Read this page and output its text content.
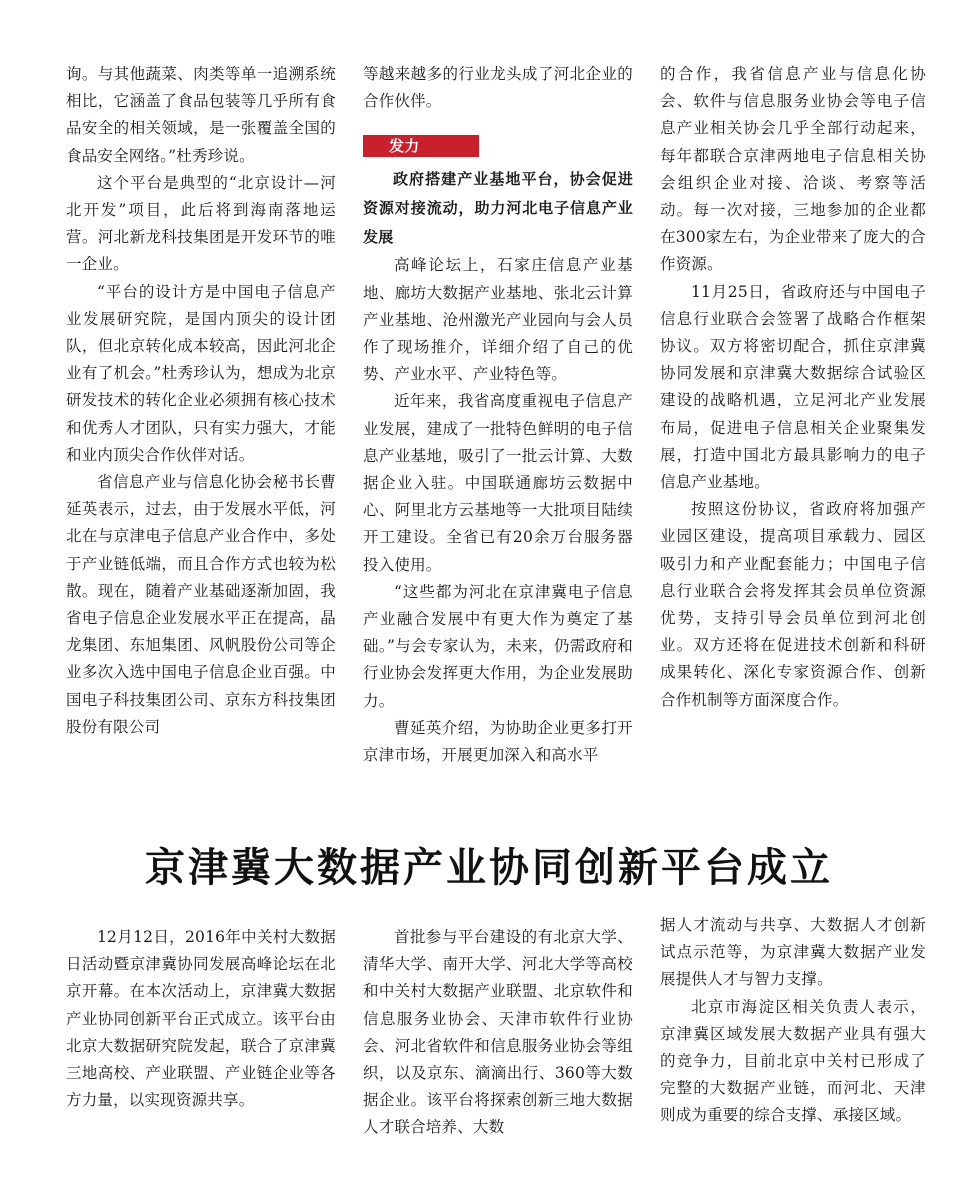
询。与其他蔬菜、肉类等单一追溯系统相比，它涵盖了食品包装等几乎所有食品安全的相关领域，是一张覆盖全国的食品安全网络。”杜秀珍说。

这个平台是典型的“北京设计—河北开发”项目，此后将到海南落地运营。河北新龙科技集团是开发环节的唯一企业。

“平台的设计方是中国电子信息产业发展研究院，是国内顶尖的设计团队，但北京转化成本较高，因此河北企业有了机会。”杜秀珍认为，想成为北京研发技术的转化企业必须拥有核心技术和优秀人才团队，只有实力强大，才能和业内顶尖合作伙伴对话。

省信息产业与信息化协会秘书长曹延英表示，过去，由于发展水平低，河北在与京津电子信息产业合作中，多处于产业链低端，而且合作方式也较为松散。现在，随着产业基础逐渐加固，我省电子信息企业发展水平正在提高，晶龙集团、东旭集团、风帆股份公司等企业多次入选中国电子信息企业百强。中国电子科技集团公司、京东方科技集团股份有限公司

等越来越多的行业龙头成了河北企业的合作伙伴。

发力

政府搭建产业基地平台，协会促进资源对接流动，助力河北电子信息产业发展

高峰论坛上，石家庄信息产业基地、廊坊大数据产业基地、张北云计算产业基地、沧州激光产业园向与会人员作了现场推介，详细介绍了自己的优势、产业水平、产业特色等。

近年来，我省高度重视电子信息产业发展，建成了一批特色鲜明的电子信息产业基地，吸引了一批云计算、大数据企业入驻。中国联通廊坊云数据中心、阿里北方云基地等一大批项目陆续开工建设。全省已有20余万台服务器投入使用。

“这些都为河北在京津冀电子信息产业融合发展中有更大作为奠定了基础。”与会专家认为，未来，仍需政府和行业协会发挥更大作用，为企业发展助力。

曹延英介绍，为协助企业更多打开京津市场，开展更加深入和高水平

的合作，我省信息产业与信息化协会、软件与信息服务业协会等电子信息产业相关协会几乎全部行动起来，每年都联合京津两地电子信息相关协会组织企业对接、洽谈、考察等活动。每一次对接，三地参加的企业都在300家左右，为企业带来了庞大的合作资源。

11月25日，省政府还与中国电子信息行业联合会签署了战略合作框架协议。双方将密切配合，抓住京津冀协同发展和京津冀大数据综合试验区建设的战略机遇，立足河北产业发展布局，促进电子信息相关企业聚集发展，打造中国北方最具影响力的电子信息产业基地。

按照这份协议，省政府将加强产业园区建设，提高项目承载力、园区吸引力和产业配套能力；中国电子信息行业联合会将发挥其会员单位资源优势，支持引导会员单位到河北创业。双方还将在促进技术创新和科研成果转化、深化专家资源合作、创新合作机制等方面深度合作。

京津冀大数据产业协同创新平台成立

12月12日，2016年中关村大数据日活动暨京津冀协同发展高峰论坛在北京开幕。在本次活动上，京津冀大数据产业协同创新平台正式成立。该平台由北京大数据研究院发起，联合了京津冀三地高校、产业联盟、产业链企业等各方力量，以实现资源共享。

首批参与平台建设的有北京大学、清华大学、南开大学、河北大学等高校和中关村大数据产业联盟、北京软件和信息服务业协会、天津市软件行业协会、河北省软件和信息服务业协会等组织，以及京东、滴滴出行、360等大数据企业。该平台将探索创新三地大数据人才联合培养、大数

据人才流动与共享、大数据人才创新试点示范等，为京津冀大数据产业发展提供人才与智力支撑。

北京市海淀区相关负责人表示，京津冀区域发展大数据产业具有强大的竞争力，目前北京中关村已形成了完整的大数据产业链，而河北、天津则成为重要的综合支撑、承接区域。
